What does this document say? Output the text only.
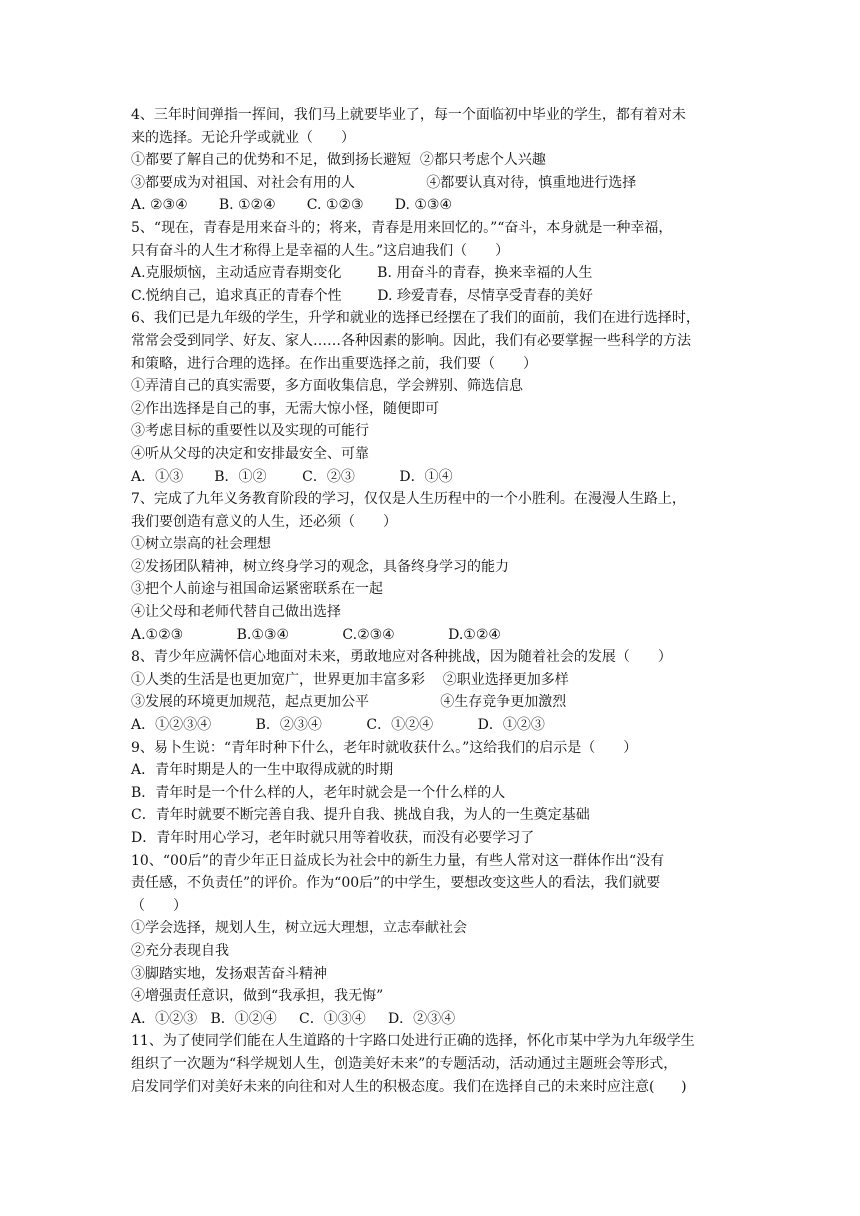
4、三年时间弹指一挥间，我们马上就要毕业了，每一个面临初中毕业的学生，都有着对未
来的选择。无论升学或就业（　　）
①都要了解自己的优势和不足，做到扬长避短  ②都只考虑个人兴趣
③都要成为对祖国、对社会有用的人                ④都要认真对待，慎重地进行选择
A. ②③④       B. ①②④       C. ①②③       D. ①③④
5、“现在，青春是用来奋斗的；将来，青春是用来回忆的。”“奋斗，本身就是一种幸福，
只有奋斗的人生才称得上是幸福的人生。”这启迪我们（　　）
A.克服烦恼，主动适应青春期变化        B. 用奋斗的青春，换来幸福的人生
C.悦纳自己，追求真正的青春个性        D. 珍爱青春，尽情享受青春的美好
6、我们已是九年级的学生，升学和就业的选择已经摆在了我们的面前，我们在进行选择时，
常常会受到同学、好友、家人……各种因素的影响。因此，我们有必要掌握一些科学的方法
和策略，进行合理的选择。在作出重要选择之前，我们要（　　）
①弄清自己的真实需要，多方面收集信息，学会辨别、筛选信息
②作出选择是自己的事，无需大惊小怪，随便即可
③考虑目标的重要性以及实现的可能行
④听从父母的决定和安排最安全、可靠
A．①③       B．①②        C．②③          D．①④
7、完成了九年义务教育阶段的学习，仅仅是人生历程中的一个小胜利。在漫漫人生路上，
我们要创造有意义的人生，还必须（　　）
①树立崇高的社会理想
②发扬团队精神，树立终身学习的观念，具备终身学习的能力
③把个人前途与祖国命运紧密联系在一起
④让父母和老师代替自己做出选择
A.①②③            B.①③④            C.②③④            D.①②④
8、青少年应满怀信心地面对未来，勇敢地应对各种挑战，因为随着社会的发展（　　）
①人类的生活是也更加宽广，世界更加丰富多彩    ②职业选择更加多样
③发展的环境更加规范，起点更加公平                ④生存竞争更加激烈
A．①②③④          B．②③④          C．①②④          D．①②③
9、易卜生说：“青年时种下什么，老年时就收获什么。”这给我们的启示是（　　）
A．青年时期是人的一生中取得成就的时期
B．青年时是一个什么样的人，老年时就会是一个什么样的人
C．青年时就要不断完善自我、提升自我、挑战自我，为人的一生奠定基础
D．青年时用心学习，老年时就只用等着收获，而没有必要学习了
10、“00后”的青少年正日益成长为社会中的新生力量，有些人常对这一群体作出“没有
责任感，不负责任”的评价。作为“00后”的中学生，要想改变这些人的看法，我们就要
（　　）
①学会选择，规划人生，树立远大理想，立志奉献社会
②充分表现自我
③脚踏实地，发扬艰苦奋斗精神
④增强责任意识，做到“我承担，我无悔”
A．①②③   B．①②④     C．①③④     D．②③④
11、为了使同学们能在人生道路的十字路口处进行正确的选择，怀化市某中学为九年级学生
组织了一次题为“科学规划人生，创造美好未来”的专题活动，活动通过主题班会等形式，
启发同学们对美好未来的向往和对人生的积极态度。我们在选择自己的未来时应注意(      )
